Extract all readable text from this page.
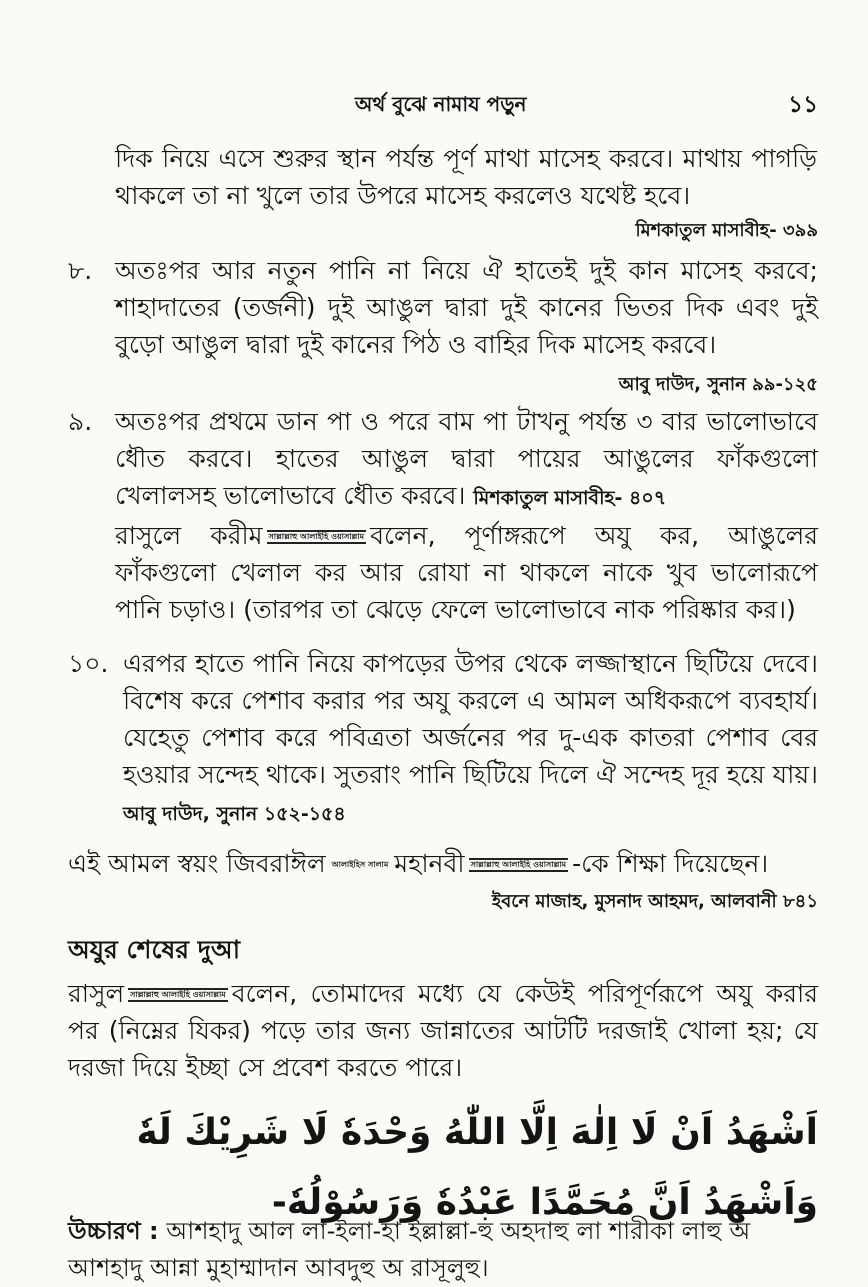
অর্থ বুঝে নামায পড়ুন	১১
দিক নিয়ে এসে শুরুর স্থান পর্যন্ত পূর্ণ মাথা মাসেহ করবে। মাথায় পাগড়ি থাকলে তা না খুলে তার উপরে মাসেহ করলেও যথেষ্ট হবে।
মিশকাতুল মাসাবীহ- ৩৯৯
৮. অতঃপর আর নতুন পানি না নিয়ে ঐ হাতেই দুই কান মাসেহ করবে; শাহাদাতের (তর্জনী) দুই আঙুল দ্বারা দুই কানের ভিতর দিক এবং দুই বুড়ো আঙুল দ্বারা দুই কানের পিঠ ও বাহির দিক মাসেহ করবে।
আবু দাউদ, সুনান ৯৯-১২৫
৯. অতঃপর প্রথমে ডান পা ও পরে বাম পা টাখনু পর্যন্ত ৩ বার ভালোভাবে ধৌত করবে। হাতের আঙুল দ্বারা পায়ের আঙুলের ফাঁকগুলো খেলালসহ ভালোভাবে ধৌত করবে। মিশকাতুল মাসাবীহ- ৪০৭
রাসুলে করীম সাল্লাল্লাহু আলাইহি ওয়াসাল্লাম বলেন, পূর্ণাঙ্গরূপে অযু কর, আঙুলের ফাঁকগুলো খেলাল কর আর রোযা না থাকলে নাকে খুব ভালোরূপে পানি চড়াও। (তারপর তা ঝেড়ে ফেলে ভালোভাবে নাক পরিষ্কার কর।)
১০. এরপর হাতে পানি নিয়ে কাপড়ের উপর থেকে লজ্জাস্থানে ছিটিয়ে দেবে। বিশেষ করে পেশাব করার পর অযু করলে এ আমল অধিকরূপে ব্যবহার্য। যেহেতু পেশাব করে পবিত্রতা অর্জনের পর দু-এক কাতরা পেশাব বের হওয়ার সন্দেহ থাকে। সুতরাং পানি ছিটিয়ে দিলে ঐ সন্দেহ দূর হয়ে যায়। আবু দাউদ, সুনান ১৫২-১৫৪
এই আমল স্বয়ং জিবরাঈল আলাইহিস সালাম মহানবী সাল্লাল্লাহু আলাইহি ওয়াসাল্লাম -কে শিক্ষা দিয়েছেন।
ইবনে মাজাহ, মুসনাদ আহমদ, আলবানী ৮৪১
অযুর শেষের দুআ
রাসুল সাল্লাল্লাহু আলাইহি ওয়াসাল্লাম বলেন, তোমাদের মধ্যে যে কেউই পরিপূর্ণরূপে অযু করার পর (নিম্নের যিকর) পড়ে তার জন্য জান্নাতের আটটি দরজাই খোলা হয়; যে দরজা দিয়ে ইচ্ছা সে প্রবেশ করতে পারে।
اَشْهَدُ اَنْ لَا اِلٰهَ اِلَّا اللّٰهُ وَحْدَهٗ لَا شَرِيْكَ لَهٗ وَاَشْهَدُ اَنَّ مُحَمَّدًا عَبْدُهٗ وَرَسُوْلُهٗ-
উচ্চারণ : আশহাদু আল লা-ইলা-হা ইল্লাল্লা-হু অহদাহু লা শারীকা লাহু অ আশহাদু আন্না মুহাম্মাদান আবদুহু অ রাসূলুহু।
